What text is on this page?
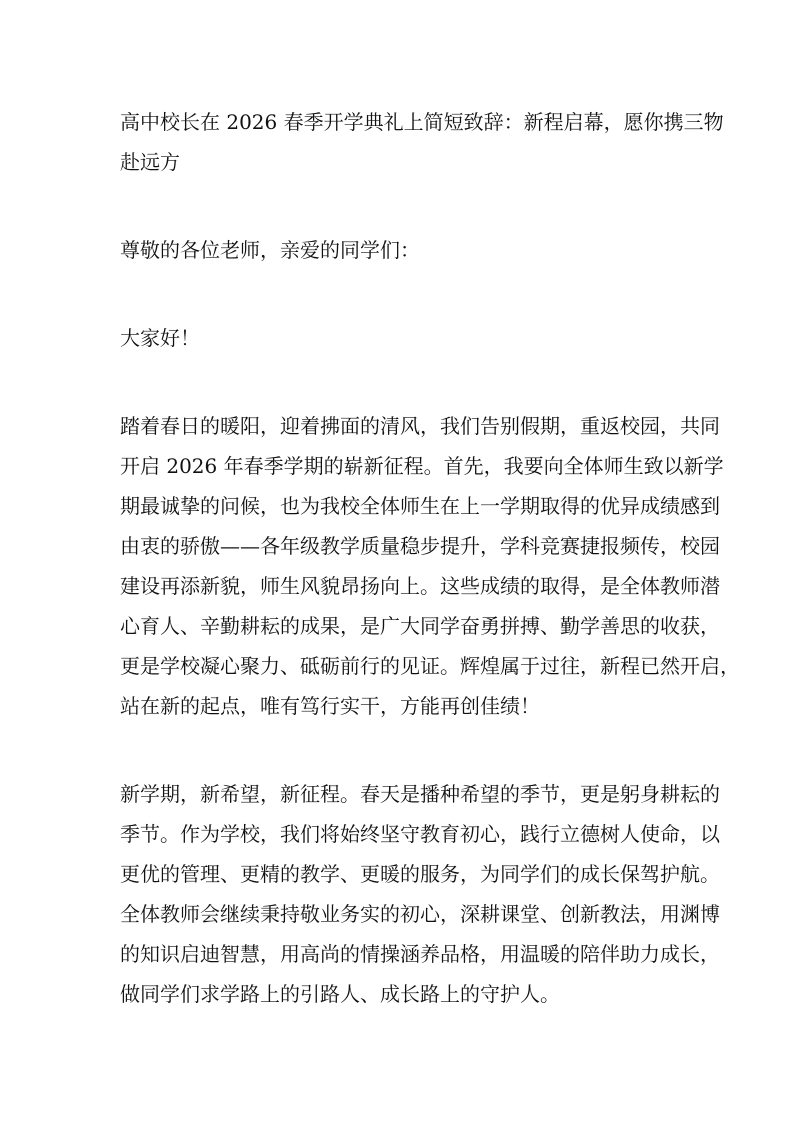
高中校长在 2026 春季开学典礼上简短致辞：新程启幕，愿你携三物
赴远方
尊敬的各位老师，亲爱的同学们：
大家好！
踏着春日的暖阳，迎着拂面的清风，我们告别假期，重返校园，共同
开启 2026 年春季学期的崭新征程。首先，我要向全体师生致以新学
期最诚挚的问候，也为我校全体师生在上一学期取得的优异成绩感到
由衷的骄傲——各年级教学质量稳步提升，学科竞赛捷报频传，校园
建设再添新貌，师生风貌昂扬向上。这些成绩的取得，是全体教师潜
心育人、辛勤耕耘的成果，是广大同学奋勇拼搏、勤学善思的收获，
更是学校凝心聚力、砥砺前行的见证。辉煌属于过往，新程已然开启，
站在新的起点，唯有笃行实干，方能再创佳绩！
新学期，新希望，新征程。春天是播种希望的季节，更是躬身耕耘的
季节。作为学校，我们将始终坚守教育初心，践行立德树人使命，以
更优的管理、更精的教学、更暖的服务，为同学们的成长保驾护航。
全体教师会继续秉持敬业务实的初心，深耕课堂、创新教法，用渊博
的知识启迪智慧，用高尚的情操涵养品格，用温暖的陪伴助力成长，
做同学们求学路上的引路人、成长路上的守护人。
